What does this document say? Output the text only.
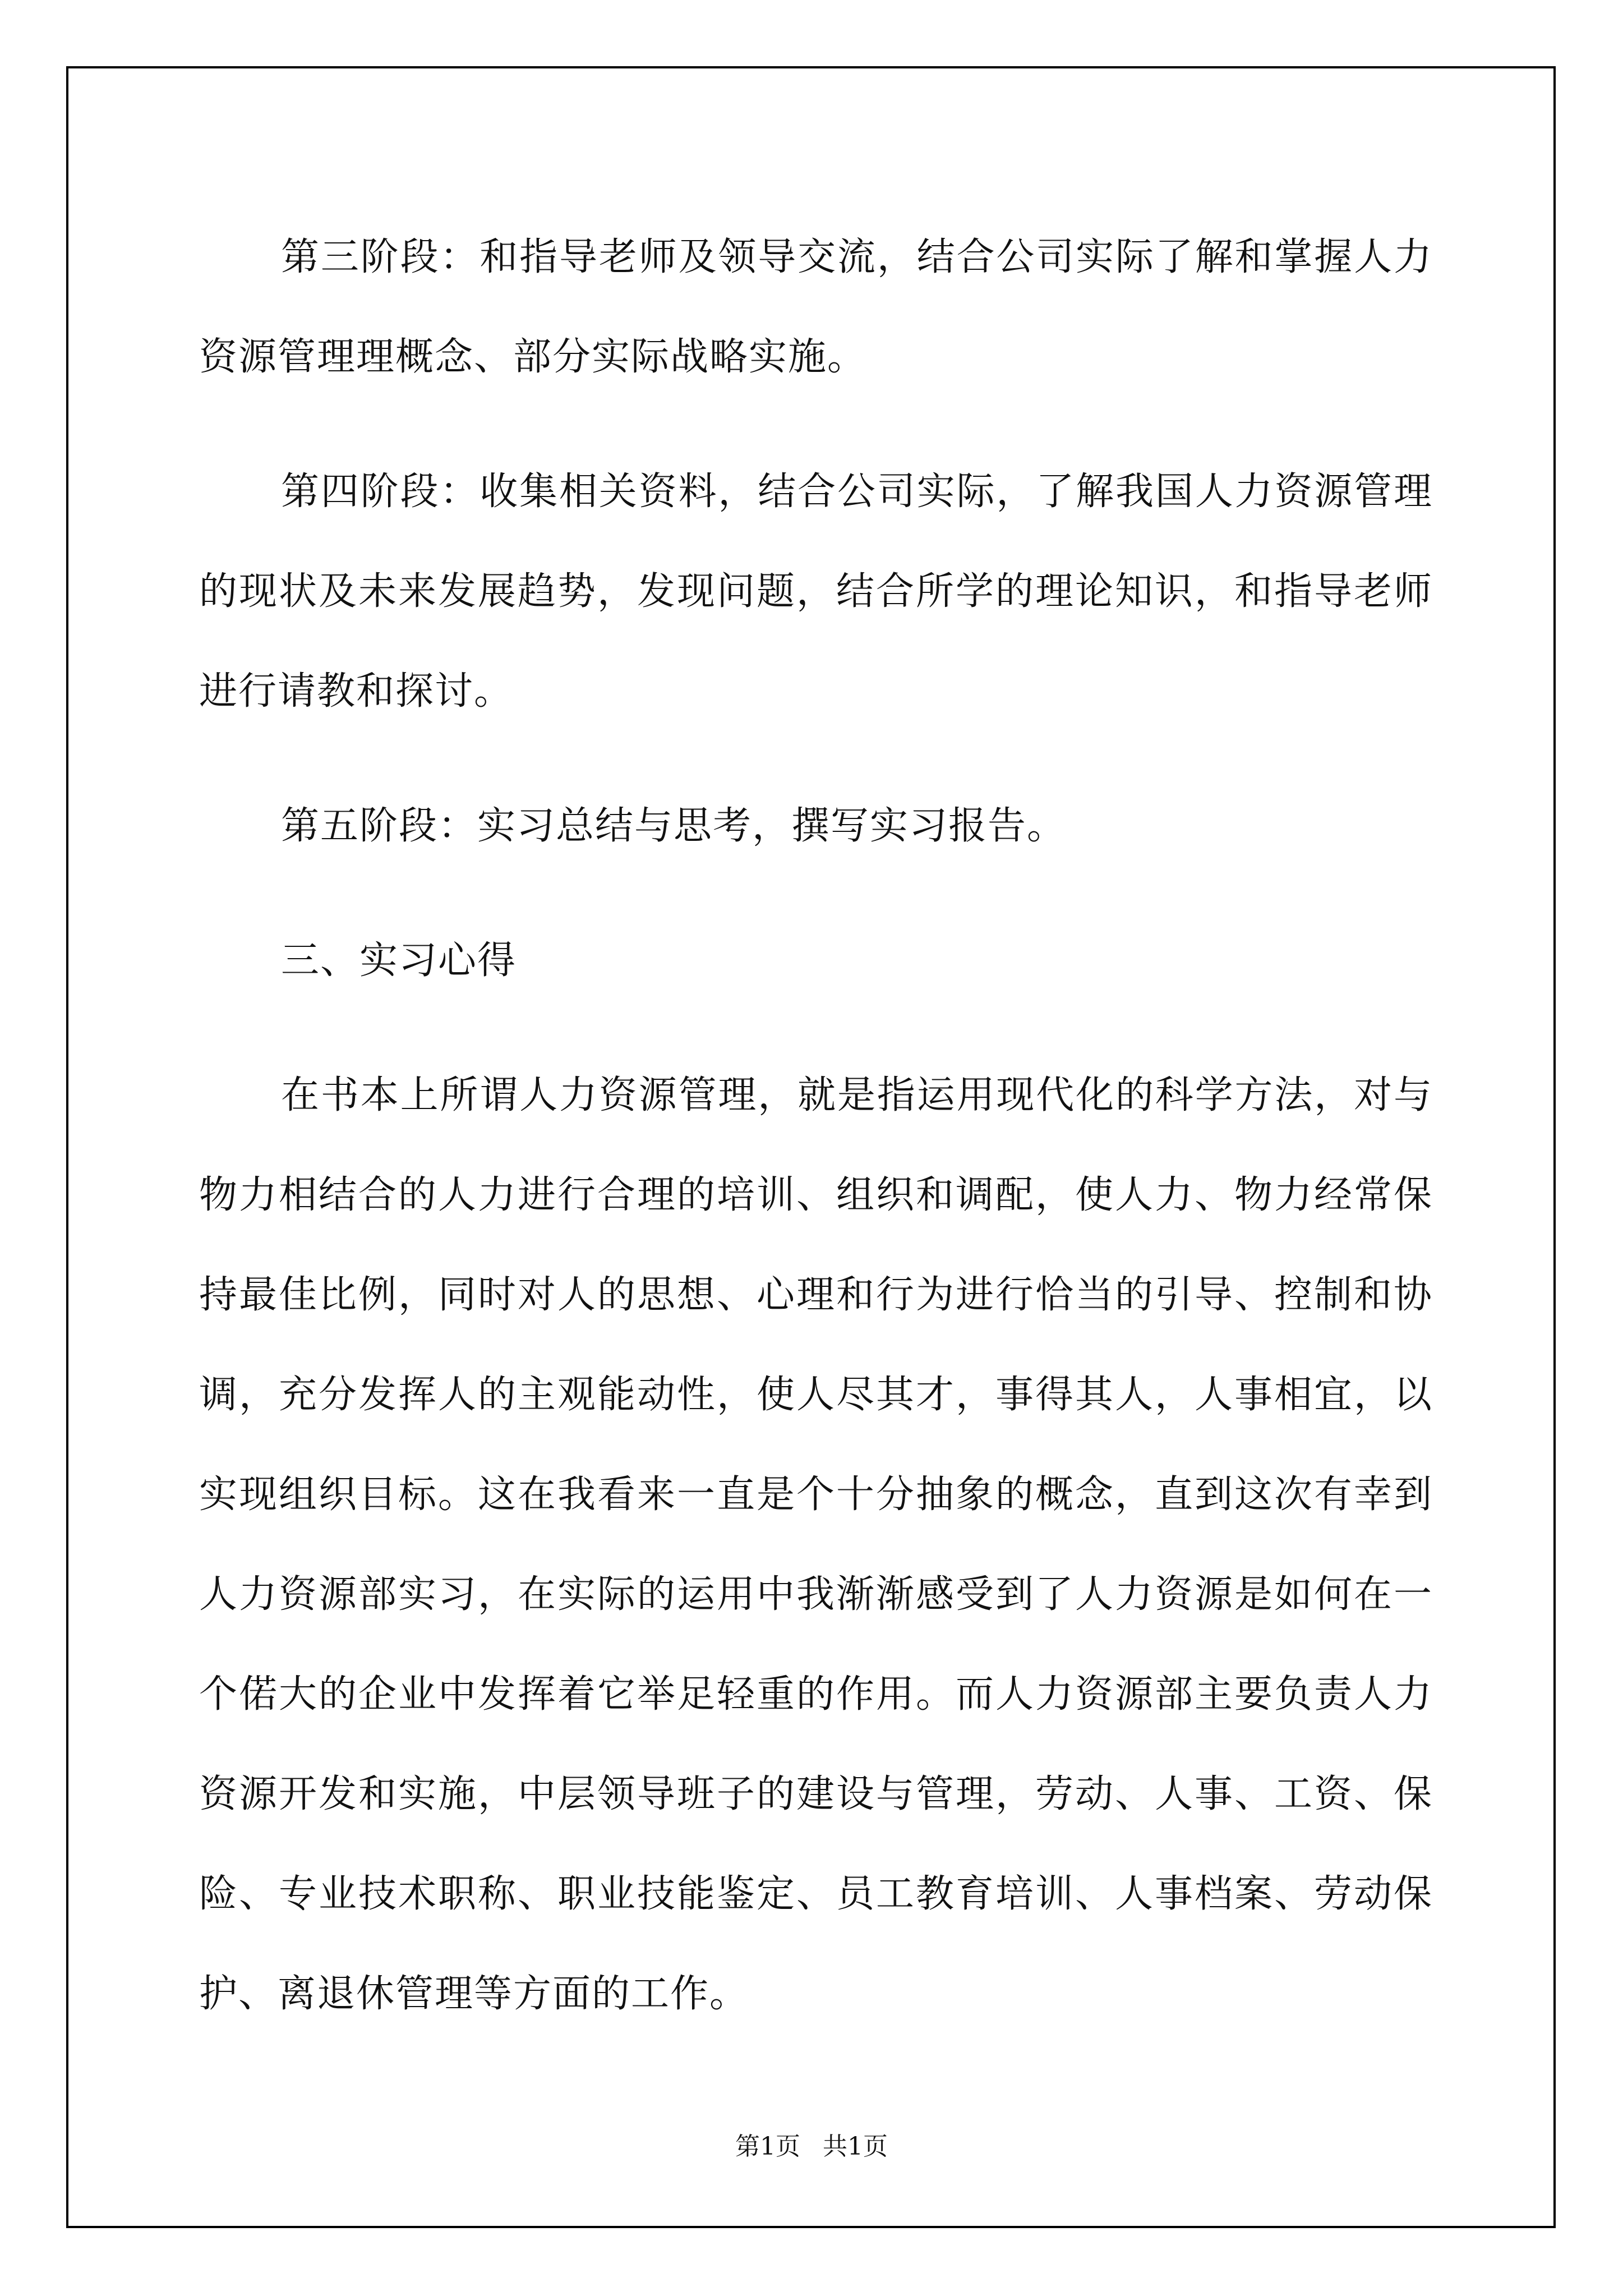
第三阶段：和指导老师及领导交流，结合公司实际了解和掌握人力资源管理理概念、部分实际战略实施。

第四阶段：收集相关资料，结合公司实际，了解我国人力资源管理的现状及未来发展趋势，发现问题，结合所学的理论知识，和指导老师进行请教和探讨。

第五阶段：实习总结与思考，撰写实习报告。

三、实习心得

在书本上所谓人力资源管理，就是指运用现代化的科学方法，对与物力相结合的人力进行合理的培训、组织和调配，使人力、物力经常保持最佳比例，同时对人的思想、心理和行为进行恰当的引导、控制和协调，充分发挥人的主观能动性，使人尽其才，事得其人，人事相宜，以实现组织目标。这在我看来一直是个十分抽象的概念，直到这次有幸到人力资源部实习，在实际的运用中我渐渐感受到了人力资源是如何在一个偌大的企业中发挥着它举足轻重的作用。而人力资源部主要负责人力资源开发和实施，中层领导班子的建设与管理，劳动、人事、工资、保险、专业技术职称、职业技能鉴定、员工教育培训、人事档案、劳动保护、离退休管理等方面的工作。

第1页 共1页
